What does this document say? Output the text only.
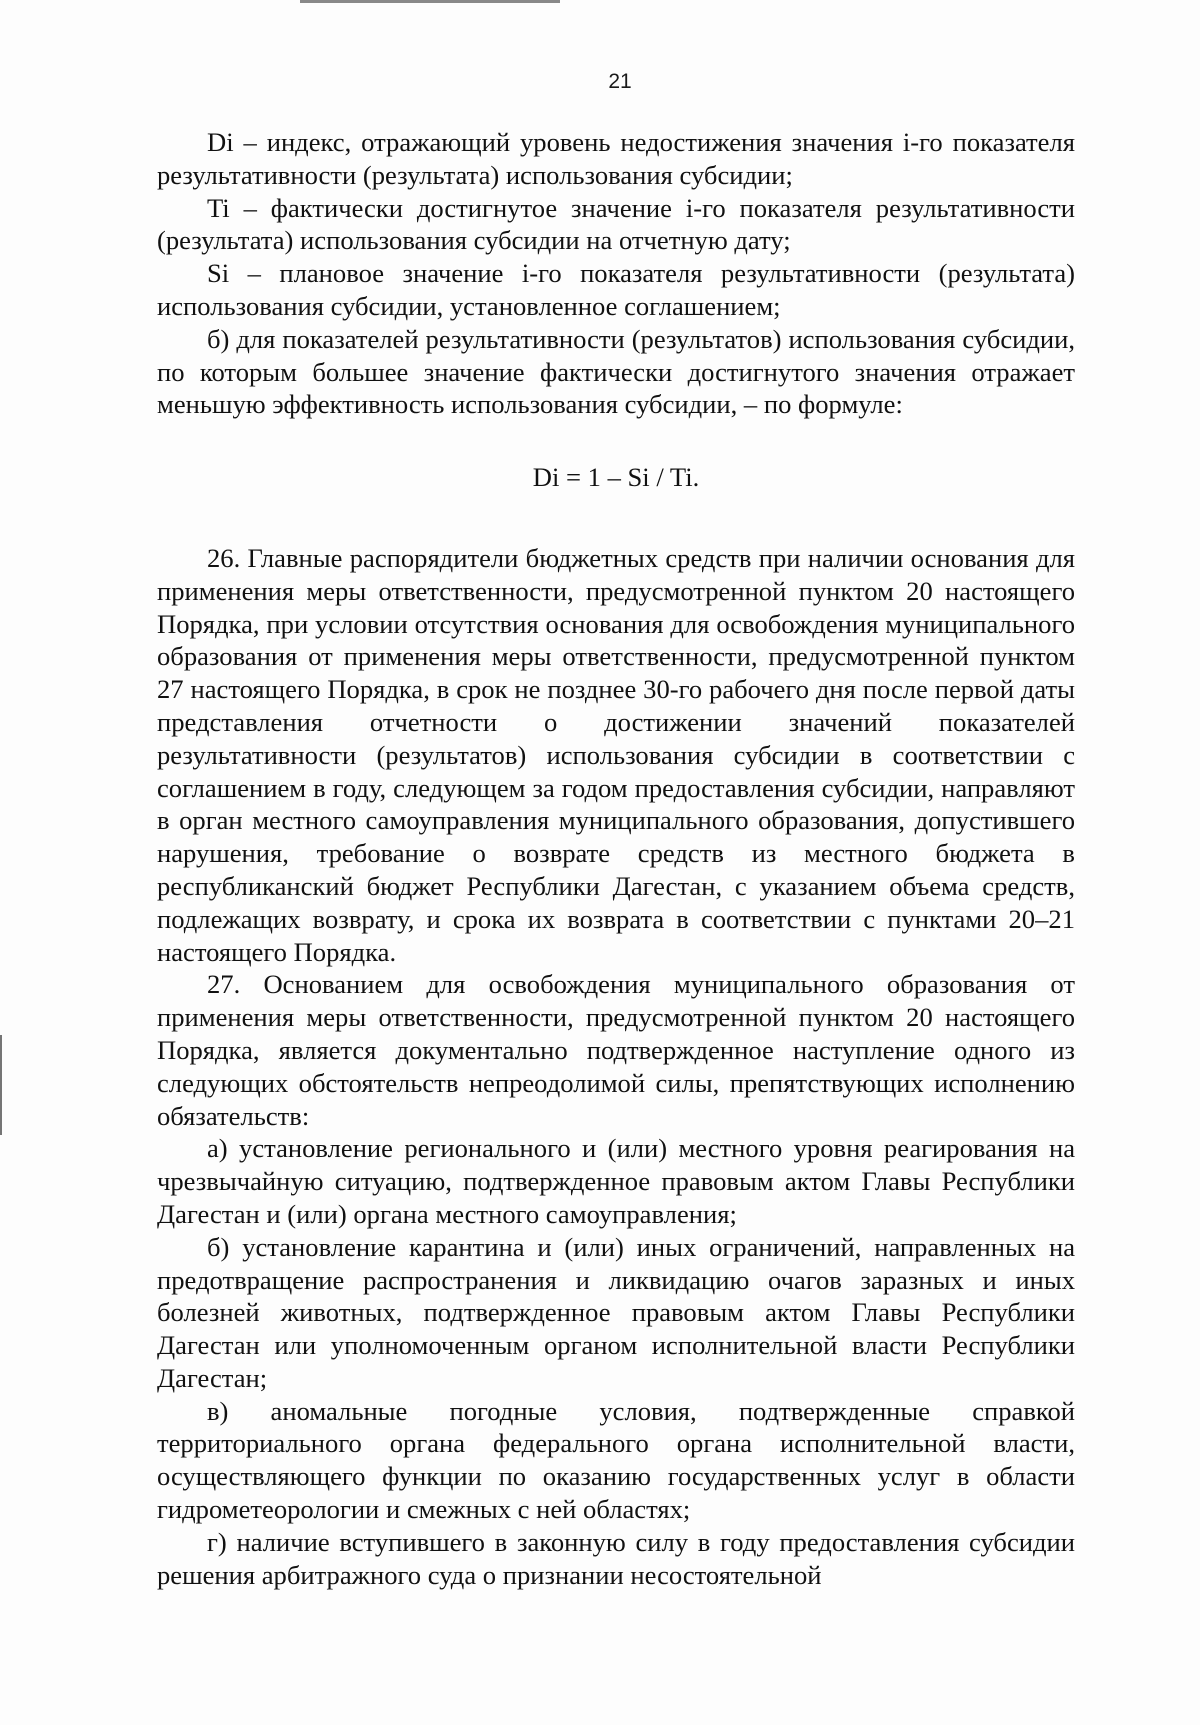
21

Di – индекс, отражающий уровень недостижения значения i-го показателя результативности (результата) использования субсидии;

Ti – фактически достигнутое значение i-го показателя результативности (результата) использования субсидии на отчетную дату;

Si – плановое значение i-го показателя результативности (результата) использования субсидии, установленное соглашением;

б) для показателей результативности (результатов) использования субсидии, по которым большее значение фактически достигнутого значения отражает меньшую эффективность использования субсидии, – по формуле:

Di = 1 – Si / Ti.

26. Главные распорядители бюджетных средств при наличии основания для применения меры ответственности, предусмотренной пунктом 20 настоящего Порядка, при условии отсутствия основания для освобождения муниципального образования от применения меры ответственности, предусмотренной пунктом 27 настоящего Порядка, в срок не позднее 30-го рабочего дня после первой даты представления отчетности о достижении значений показателей результативности (результатов) использования субсидии в соответствии с соглашением в году, следующем за годом предоставления субсидии, направляют в орган местного самоуправления муниципального образования, допустившего нарушения, требование о возврате средств из местного бюджета в республиканский бюджет Республики Дагестан, с указанием объема средств, подлежащих возврату, и срока их возврата в соответствии с пунктами 20–21 настоящего Порядка.

27. Основанием для освобождения муниципального образования от применения меры ответственности, предусмотренной пунктом 20 настоящего Порядка, является документально подтвержденное наступление одного из следующих обстоятельств непреодолимой силы, препятствующих исполнению обязательств:

а) установление регионального и (или) местного уровня реагирования на чрезвычайную ситуацию, подтвержденное правовым актом Главы Республики Дагестан и (или) органа местного самоуправления;

б) установление карантина и (или) иных ограничений, направленных на предотвращение распространения и ликвидацию очагов заразных и иных болезней животных, подтвержденное правовым актом Главы Республики Дагестан или уполномоченным органом исполнительной власти Республики Дагестан;

в) аномальные погодные условия, подтвержденные справкой территориального органа федерального органа исполнительной власти, осуществляющего функции по оказанию государственных услуг в области гидрометеорологии и смежных с ней областях;

г) наличие вступившего в законную силу в году предоставления субсидии решения арбитражного суда о признании несостоятельной
